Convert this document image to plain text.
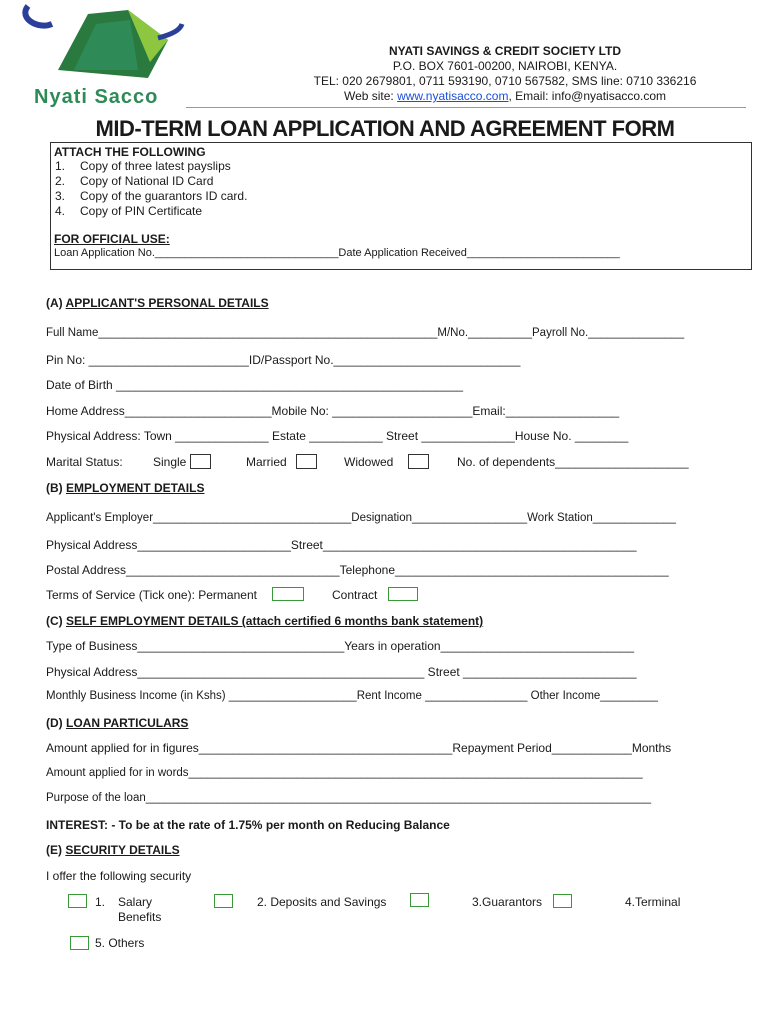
Nyati Sacco
NYATI SAVINGS & CREDIT SOCIETY LTD
P.O. BOX 7601-00200, NAIROBI, KENYA.
TEL: 020 2679801, 0711 593190, 0710 567582, SMS line: 0710 336216
Web site: www.nyatisacco.com, Email: info@nyatisacco.com
MID-TERM LOAN APPLICATION AND AGREEMENT FORM
ATTACH THE FOLLOWING
1. Copy of three latest payslips
2. Copy of National ID Card
3. Copy of the guarantors ID card.
4. Copy of PIN Certificate
FOR OFFICIAL USE:
Loan Application No.______________________________Date Application Received_________________________
(A) APPLICANT'S PERSONAL DETAILS
Full Name_____________________________________________________M/No.__________Payroll No._______________
Pin No: ________________________ID/Passport No.____________________________
Date of Birth ____________________________________________________
Home Address______________________Mobile No: _____________________Email:_________________
Physical Address: Town ______________ Estate ___________ Street ______________House No. ________
Marital Status:	Single	Married	Widowed	No. of dependents____________________
(B) EMPLOYMENT DETAILS
Applicant's Employer_______________________________Designation__________________Work Station_____________
Physical Address_______________________Street_______________________________________________
Postal Address________________________________Telephone_________________________________________
Terms of Service (Tick one): Permanent	Contract
(C) SELF EMPLOYMENT DETAILS (attach certified 6 months bank statement)
Type of Business_______________________________Years in operation_____________________________
Physical Address___________________________________________ Street __________________________
Monthly Business Income (in Kshs) ____________________Rent Income ________________ Other Income_________
(D) LOAN PARTICULARS
Amount applied for in figures______________________________________Repayment Period____________Months
Amount applied for in words_______________________________________________________________________
Purpose of the loan_______________________________________________________________________________
INTEREST: - To be at the rate of 1.75% per month on Reducing Balance
(E) SECURITY DETAILS
I offer the following security
1. Salary
Benefits
2. Deposits and Savings	3.Guarantors	4.Terminal
5. Others
